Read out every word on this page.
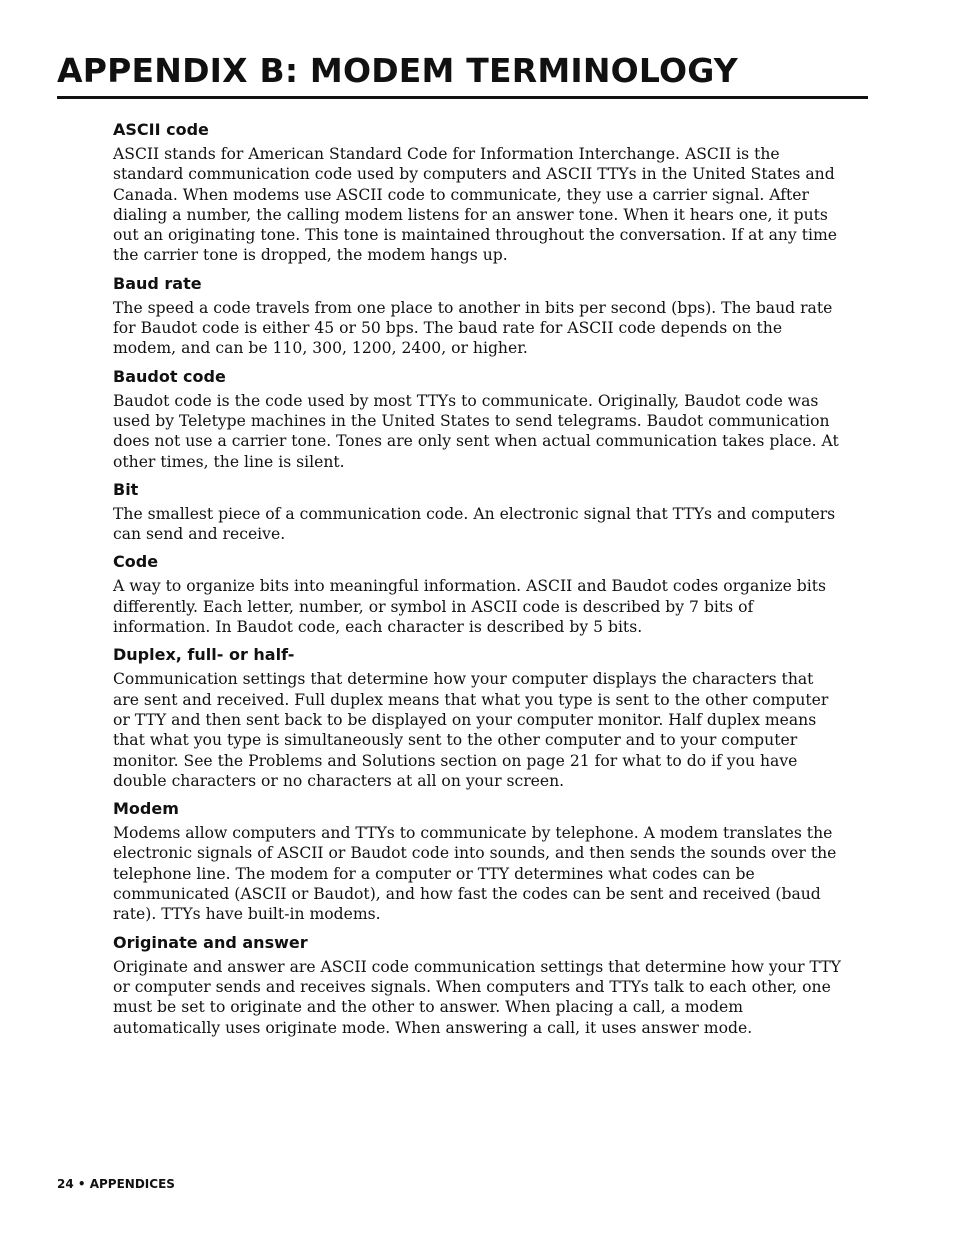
APPENDIX B: MODEM TERMINOLOGY
ASCII code

ASCII stands for American Standard Code for Information Interchange. ASCII is the standard communication code used by computers and ASCII TTYs in the United States and Canada. When modems use ASCII code to communicate, they use a carrier signal. After dialing a number, the calling modem listens for an answer tone. When it hears one, it puts out an originating tone. This tone is maintained throughout the conversation. If at any time the carrier tone is dropped, the modem hangs up.

Baud rate

The speed a code travels from one place to another in bits per second (bps). The baud rate for Baudot code is either 45 or 50 bps. The baud rate for ASCII code depends on the modem, and can be 110, 300, 1200, 2400, or higher.

Baudot code

Baudot code is the code used by most TTYs to communicate. Originally, Baudot code was used by Teletype machines in the United States to send telegrams. Baudot communication does not use a carrier tone. Tones are only sent when actual communication takes place. At other times, the line is silent.

Bit

The smallest piece of a communication code. An electronic signal that TTYs and computers can send and receive.

Code

A way to organize bits into meaningful information. ASCII and Baudot codes organize bits differently. Each letter, number, or symbol in ASCII code is described by 7 bits of information. In Baudot code, each character is described by 5 bits.

Duplex, full- or half-

Communication settings that determine how your computer displays the characters that are sent and received. Full duplex means that what you type is sent to the other computer or TTY and then sent back to be displayed on your computer monitor. Half duplex means that what you type is simultaneously sent to the other computer and to your computer monitor. See the Problems and Solutions section on page 21 for what to do if you have double characters or no characters at all on your screen.

Modem

Modems allow computers and TTYs to communicate by telephone. A modem translates the electronic signals of ASCII or Baudot code into sounds, and then sends the sounds over the telephone line. The modem for a computer or TTY determines what codes can be communicated (ASCII or Baudot), and how fast the codes can be sent and received (baud rate). TTYs have built-in modems.

Originate and answer

Originate and answer are ASCII code communication settings that determine how your TTY or computer sends and receives signals. When computers and TTYs talk to each other, one must be set to originate and the other to answer. When placing a call, a modem automatically uses originate mode. When answering a call, it uses answer mode.

24 • APPENDICES
